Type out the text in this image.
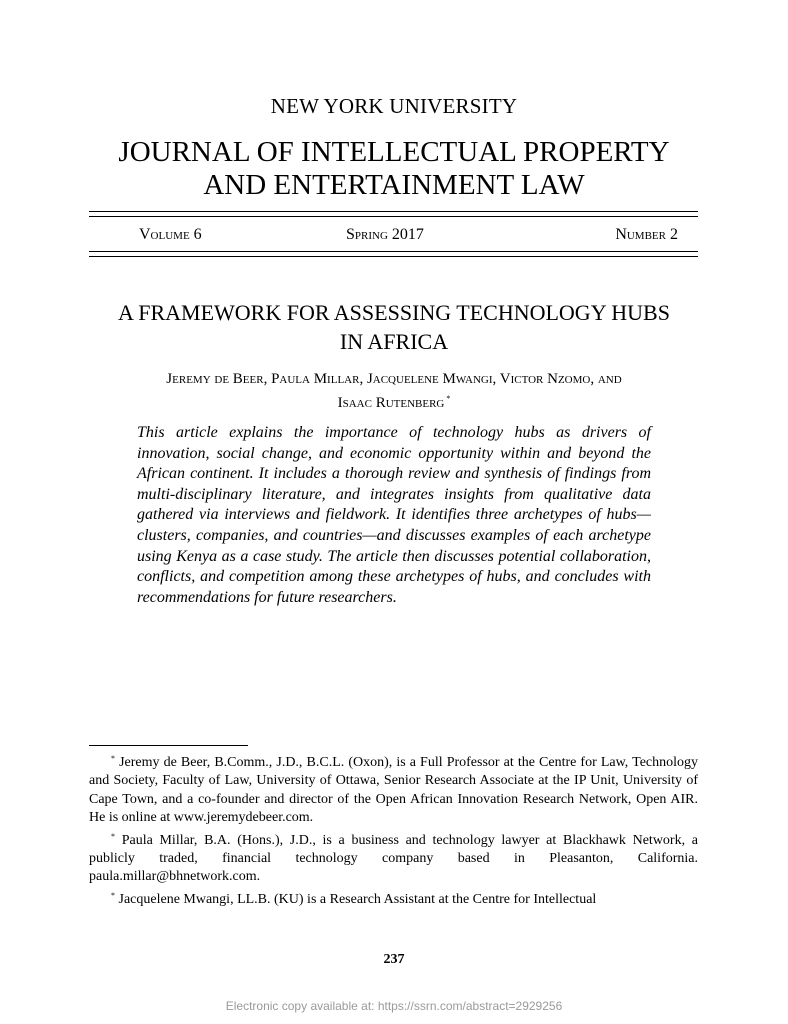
NEW YORK UNIVERSITY
JOURNAL OF INTELLECTUAL PROPERTY
AND ENTERTAINMENT LAW
Volume 6	Spring 2017	Number 2
A FRAMEWORK FOR ASSESSING TECHNOLOGY HUBS
IN AFRICA
Jeremy de Beer, Paula Millar, Jacquelene Mwangi, Victor Nzomo, and
Isaac Rutenberg *
This article explains the importance of technology hubs as drivers of innovation, social change, and economic opportunity within and beyond the African continent. It includes a thorough review and synthesis of findings from multi-disciplinary literature, and integrates insights from qualitative data gathered via interviews and fieldwork. It identifies three archetypes of hubs—clusters, companies, and countries—and discusses examples of each archetype using Kenya as a case study. The article then discusses potential collaboration, conflicts, and competition among these archetypes of hubs, and concludes with recommendations for future researchers.

* Jeremy de Beer, B.Comm., J.D., B.C.L. (Oxon), is a Full Professor at the Centre for Law, Technology and Society, Faculty of Law, University of Ottawa, Senior Research Associate at the IP Unit, University of Cape Town, and a co-founder and director of the Open African Innovation Research Network, Open AIR. He is online at www.jeremydebeer.com.

* Paula Millar, B.A. (Hons.), J.D., is a business and technology lawyer at Blackhawk Network, a publicly traded, financial technology company based in Pleasanton, California. paula.millar@bhnetwork.com.

* Jacquelene Mwangi, LL.B. (KU) is a Research Assistant at the Centre for Intellectual

237
Electronic copy available at: https://ssrn.com/abstract=2929256
